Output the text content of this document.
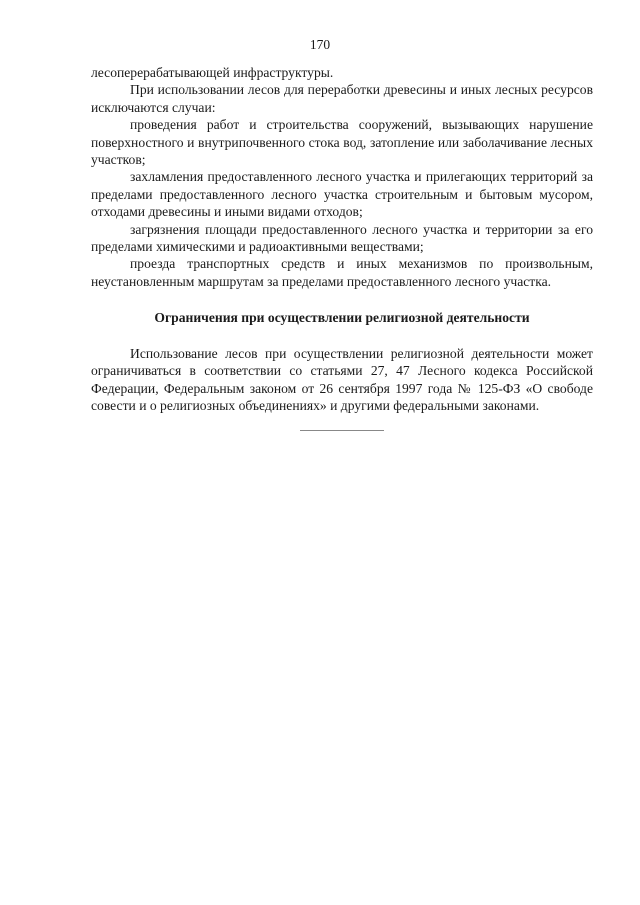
170

лесоперерабатывающей инфраструктуры.

При использовании лесов для переработки древесины и иных лесных ресурсов исключаются случаи:

проведения работ и строительства сооружений, вызывающих нарушение поверхностного и внутрипочвенного стока вод, затопление или заболачивание лесных участков;

захламления предоставленного лесного участка и прилегающих территорий за пределами предоставленного лесного участка строительным и бытовым мусором, отходами древесины и иными видами отходов;

загрязнения площади предоставленного лесного участка и территории за его пределами химическими и радиоактивными веществами;

проезда транспортных средств и иных механизмов по произвольным, неустановленным маршрутам за пределами предоставленного лесного участка.

Ограничения при осуществлении религиозной деятельности

Использование лесов при осуществлении религиозной деятельности может ограничиваться в соответствии со статьями 27, 47 Лесного кодекса Российской Федерации, Федеральным законом от 26 сентября 1997 года № 125-ФЗ «О свободе совести и о религиозных объединениях» и другими федеральными законами.
